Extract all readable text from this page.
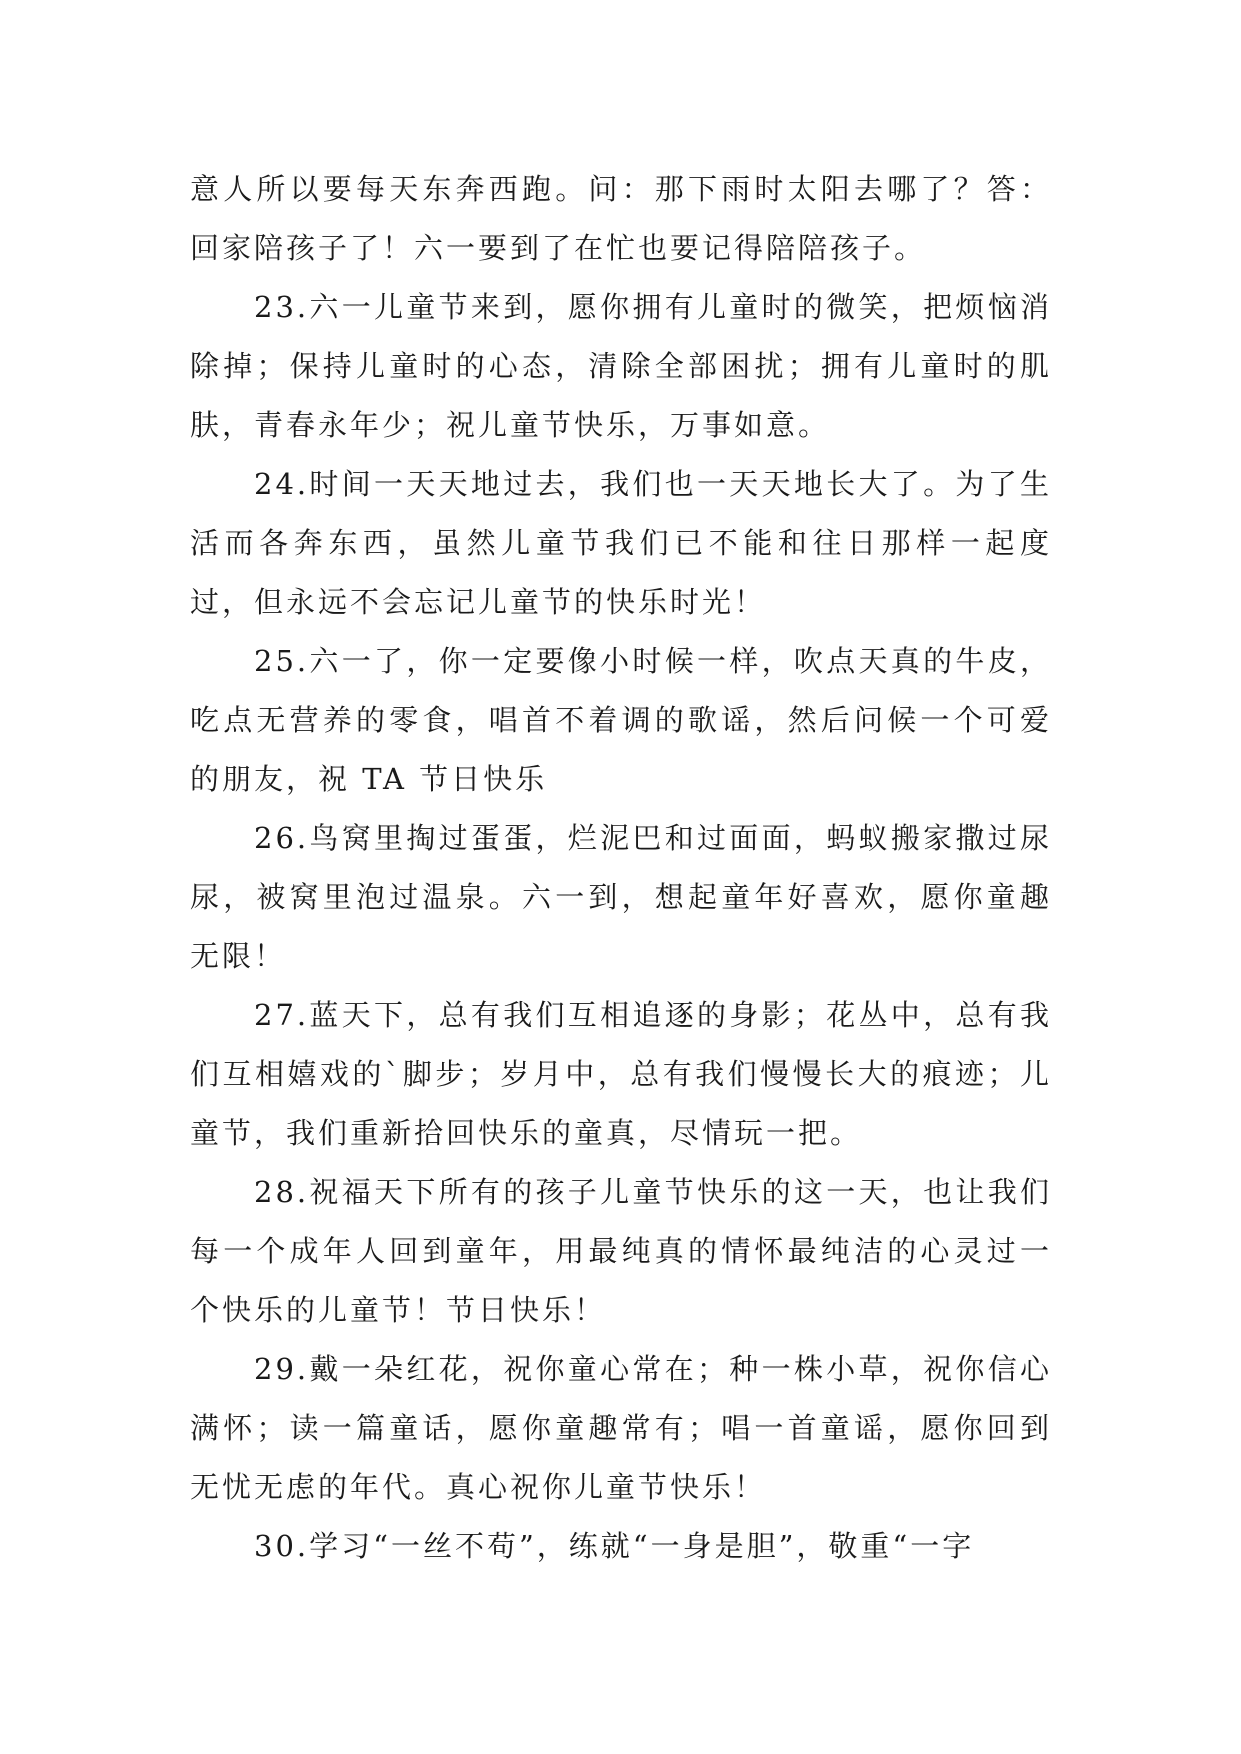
意人所以要每天东奔西跑。问：那下雨时太阳去哪了？答：回家陪孩子了！六一要到了在忙也要记得陪陪孩子。

23.六一儿童节来到，愿你拥有儿童时的微笑，把烦恼消除掉；保持儿童时的心态，清除全部困扰；拥有儿童时的肌肤，青春永年少；祝儿童节快乐，万事如意。

24.时间一天天地过去，我们也一天天地长大了。为了生活而各奔东西，虽然儿童节我们已不能和往日那样一起度过，但永远不会忘记儿童节的快乐时光！

25.六一了，你一定要像小时候一样，吹点天真的牛皮，吃点无营养的零食，唱首不着调的歌谣，然后问候一个可爱的朋友，祝 TA 节日快乐

26.鸟窝里掏过蛋蛋，烂泥巴和过面面，蚂蚁搬家撒过尿尿，被窝里泡过温泉。六一到，想起童年好喜欢，愿你童趣无限！

27.蓝天下，总有我们互相追逐的身影；花丛中，总有我们互相嬉戏的`脚步；岁月中，总有我们慢慢长大的痕迹；儿童节，我们重新拾回快乐的童真，尽情玩一把。

28.祝福天下所有的孩子儿童节快乐的这一天，也让我们每一个成年人回到童年，用最纯真的情怀最纯洁的心灵过一个快乐的儿童节！节日快乐！

29.戴一朵红花，祝你童心常在；种一株小草，祝你信心满怀；读一篇童话，愿你童趣常有；唱一首童谣，愿你回到无忧无虑的年代。真心祝你儿童节快乐！

30.学习“一丝不苟”，练就“一身是胆”，敬重“一字
